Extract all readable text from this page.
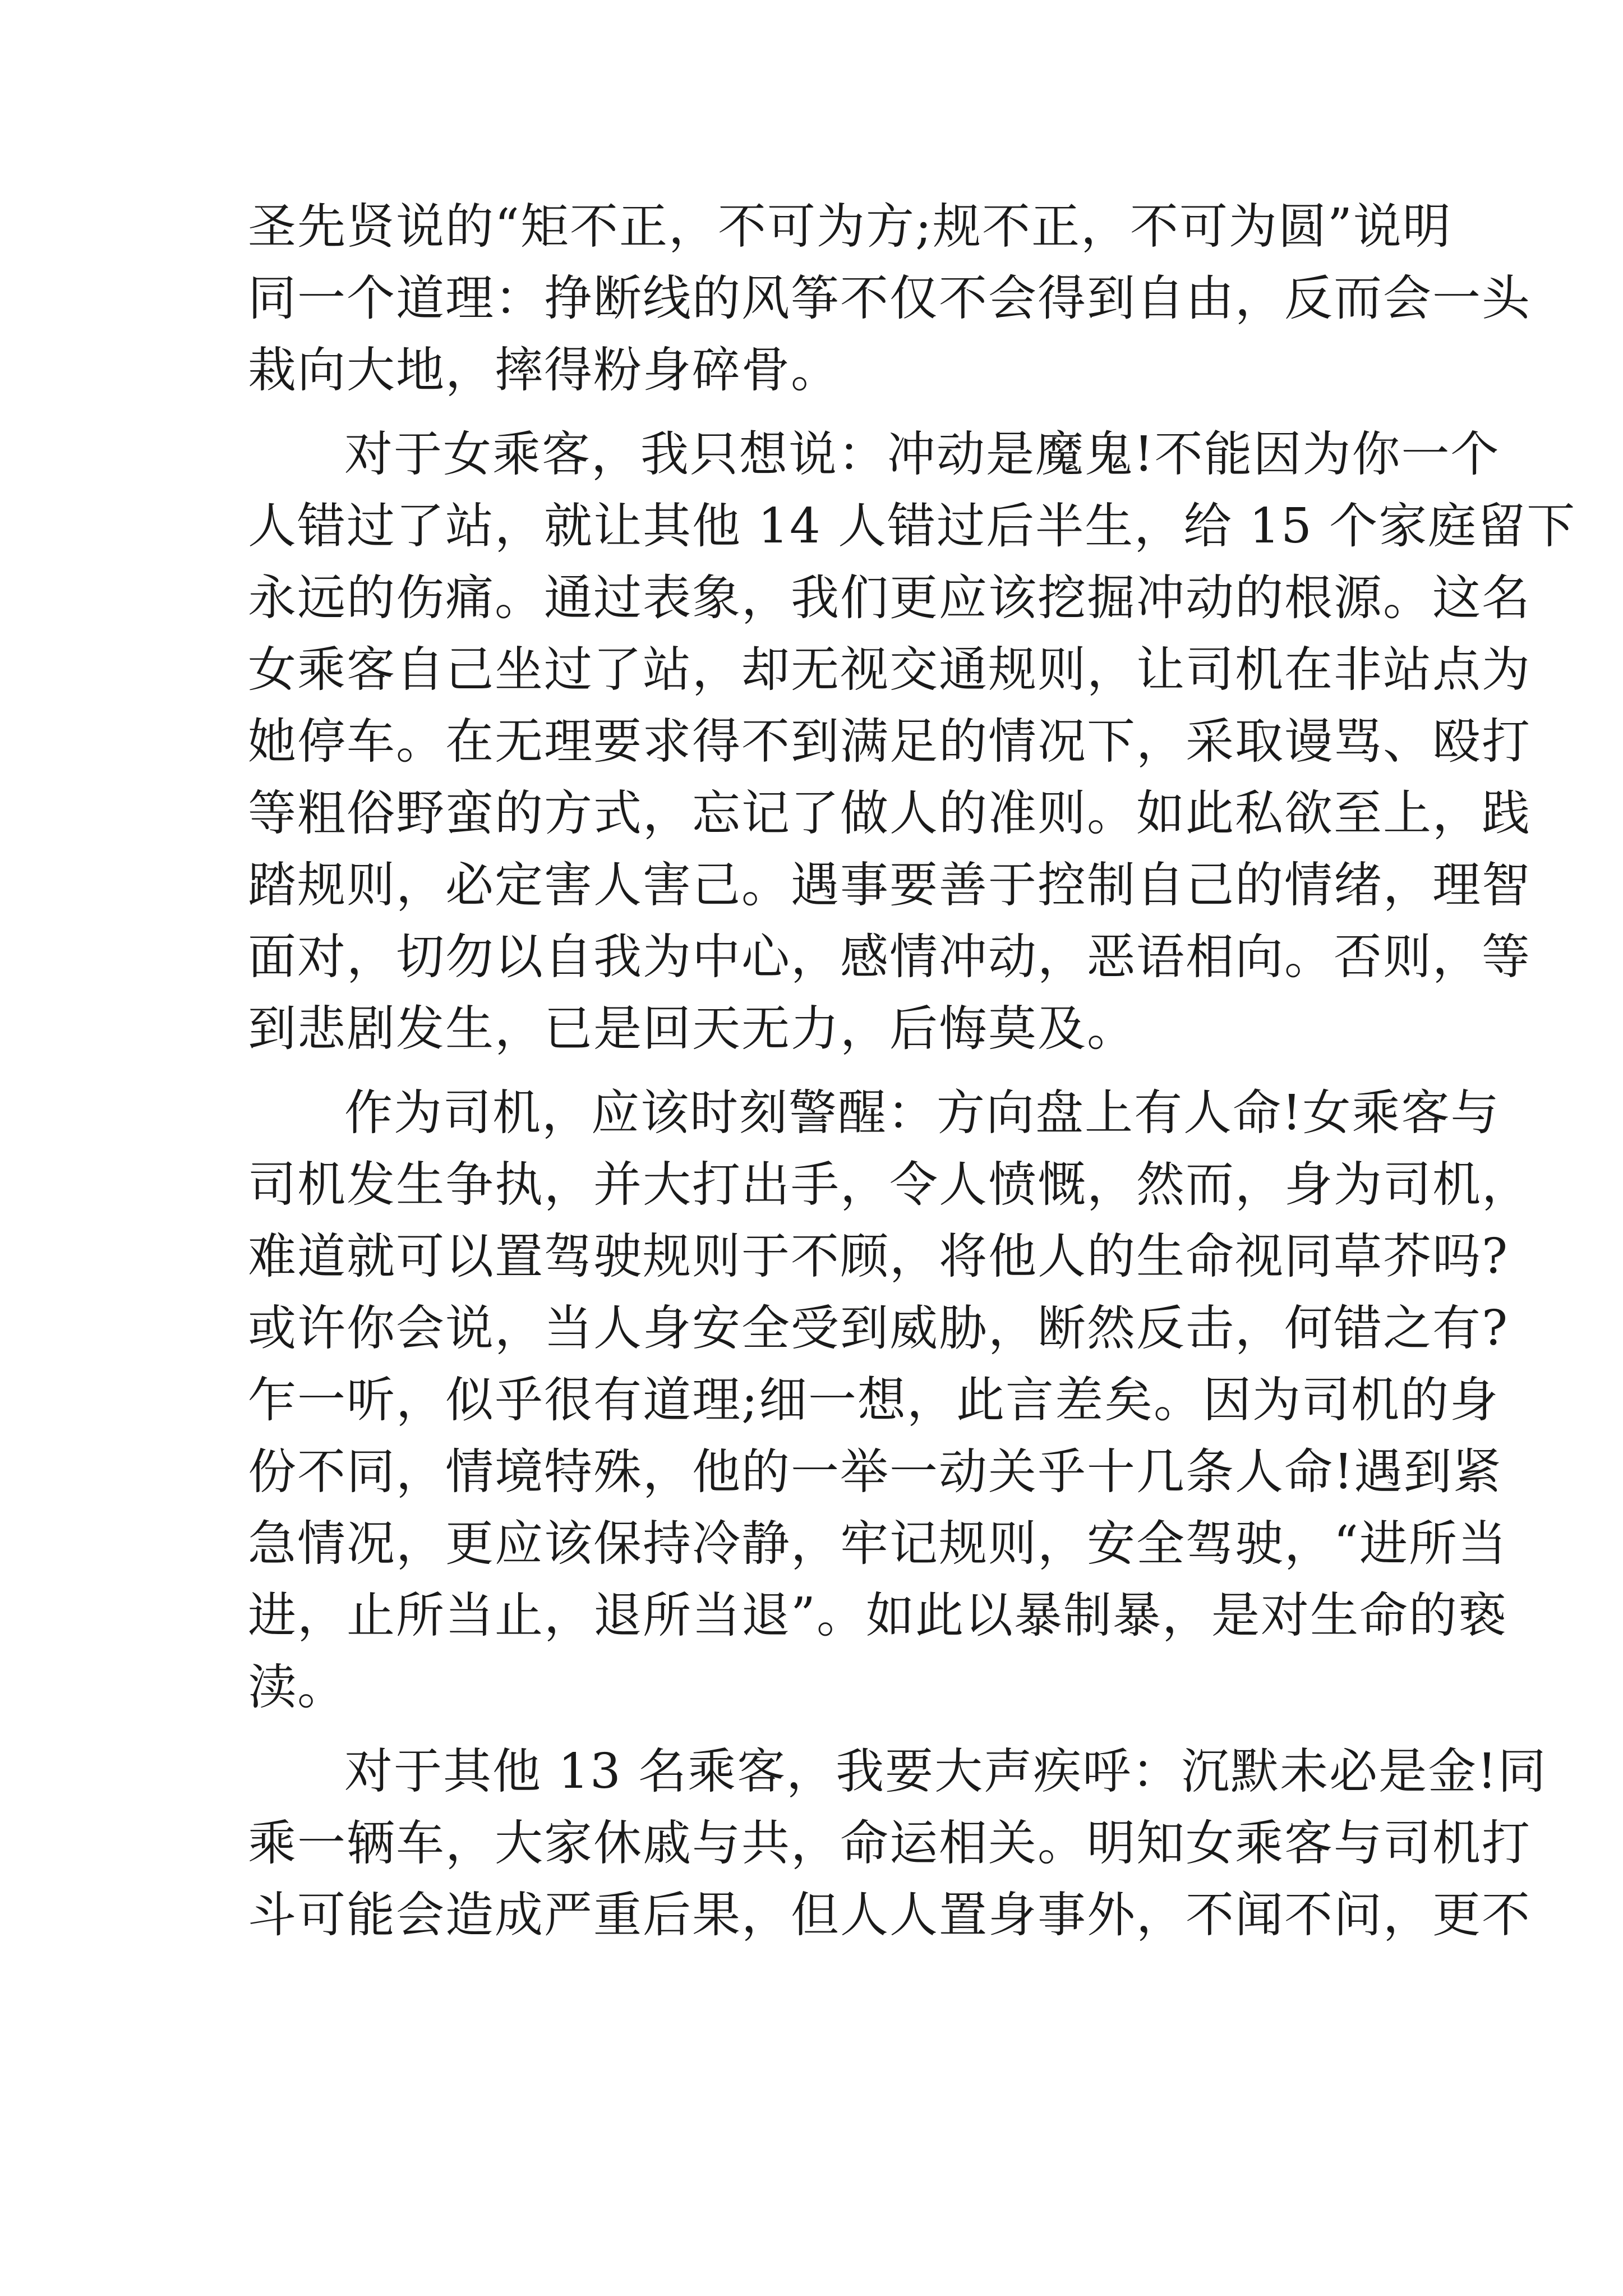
圣先贤说的“矩不正，不可为方;规不正，不可为圆”说明
同一个道理：挣断线的风筝不仅不会得到自由，反而会一头
栽向大地，摔得粉身碎骨。
对于女乘客，我只想说：冲动是魔鬼!不能因为你一个
人错过了站，就让其他 14 人错过后半生，给 15 个家庭留下
永远的伤痛。通过表象，我们更应该挖掘冲动的根源。这名
女乘客自己坐过了站，却无视交通规则，让司机在非站点为
她停车。在无理要求得不到满足的情况下，采取谩骂、殴打
等粗俗野蛮的方式，忘记了做人的准则。如此私欲至上，践
踏规则，必定害人害己。遇事要善于控制自己的情绪，理智
面对，切勿以自我为中心，感情冲动，恶语相向。否则，等
到悲剧发生，已是回天无力，后悔莫及。
作为司机，应该时刻警醒：方向盘上有人命!女乘客与
司机发生争执，并大打出手，令人愤慨，然而，身为司机，
难道就可以置驾驶规则于不顾，将他人的生命视同草芥吗?
或许你会说，当人身安全受到威胁，断然反击，何错之有?
乍一听，似乎很有道理;细一想，此言差矣。因为司机的身
份不同，情境特殊，他的一举一动关乎十几条人命!遇到紧
急情况，更应该保持冷静，牢记规则，安全驾驶，“进所当
进，止所当止，退所当退”。如此以暴制暴，是对生命的亵
渎。
对于其他 13 名乘客，我要大声疾呼：沉默未必是金!同
乘一辆车，大家休戚与共，命运相关。明知女乘客与司机打
斗可能会造成严重后果，但人人置身事外，不闻不问，更不
